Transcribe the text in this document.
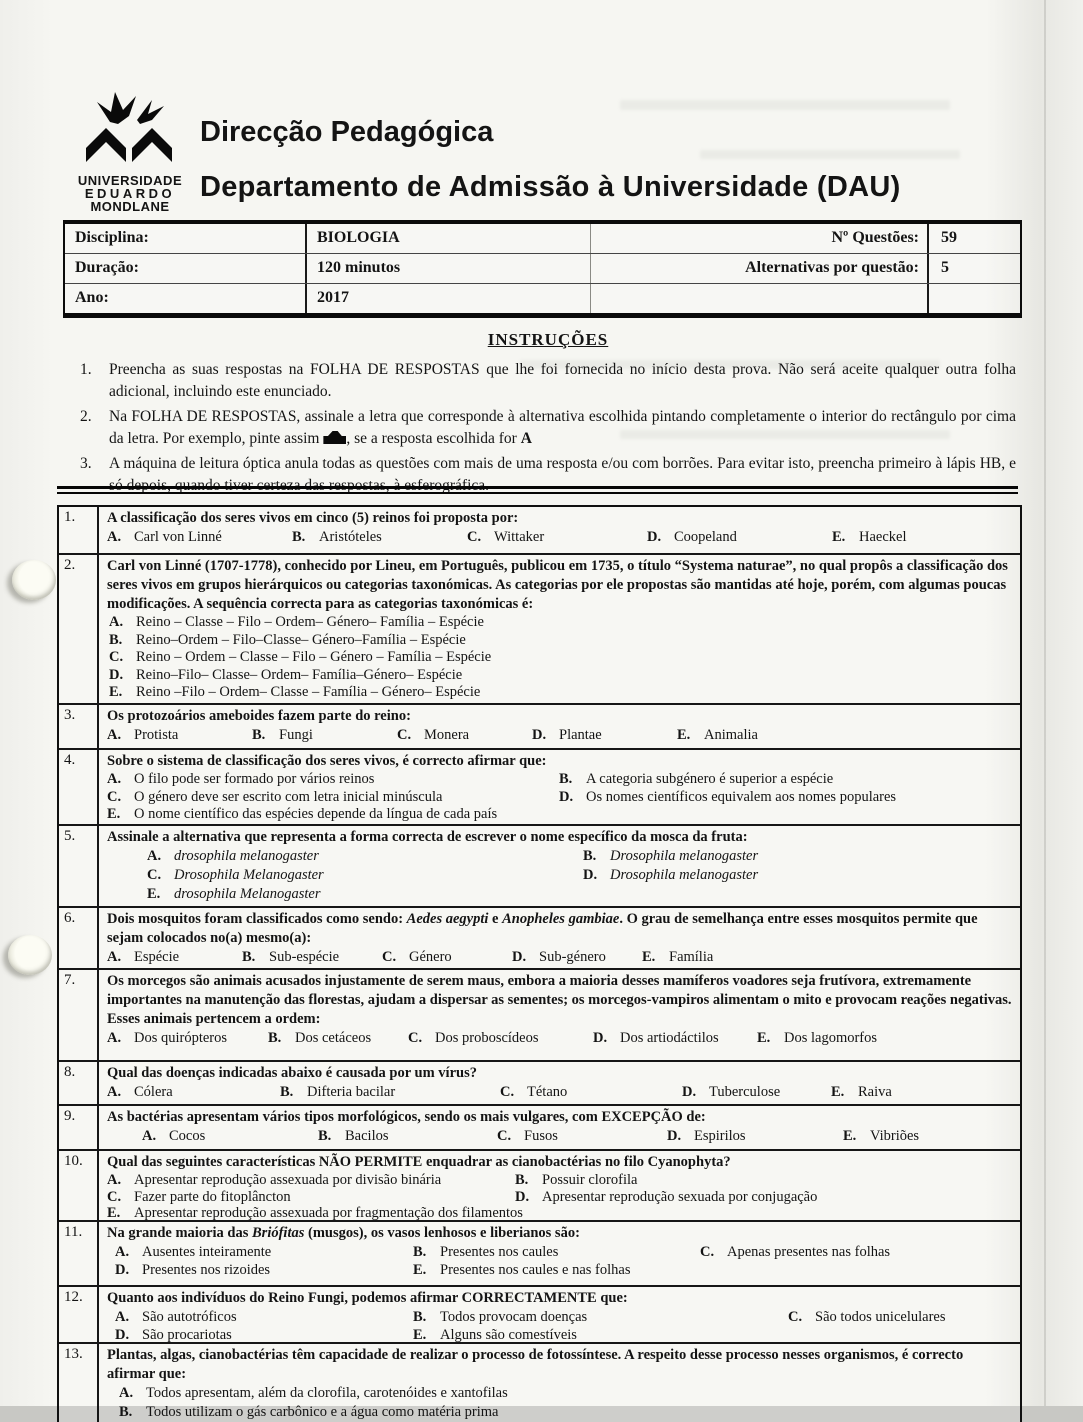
UNIVERSIDADE
EDUARDO
MONDLANE
Direcção Pedagógica
Departamento de Admissão à Universidade (DAU)
Disciplina:	BIOLOGIA	Nº Questões:	59
Duração:	120 minutos	Alternativas por questão:	5
Ano:	2017
INSTRUÇÕES
1.	Preencha as suas respostas na FOLHA DE RESPOSTAS que lhe foi fornecida no início desta prova. Não será aceite qualquer outra folha adicional, incluindo este enunciado.
2.	Na FOLHA DE RESPOSTAS, assinale a letra que corresponde à alternativa escolhida pintando completamente o interior do rectângulo por cima da letra. Por exemplo, pinte assim , se a resposta escolhida for A
3.	A máquina de leitura óptica anula todas as questões com mais de uma resposta e/ou com borrões. Para evitar isto, preencha primeiro à lápis HB, e só depois, quando tiver certeza das respostas, à esferográfica.
1.	A classificação dos seres vivos em cinco (5) reinos foi proposta por:
A. Carl von Linné	B. Aristóteles	C. Wittaker	D. Coopeland	E. Haeckel
2.	Carl von Linné (1707-1778), conhecido por Lineu, em Português, publicou em 1735, o título “Systema naturae”, no qual propôs a classificação dos seres vivos em grupos hierárquicos ou categorias taxonómicas. As categorias por ele propostas são mantidas até hoje, porém, com algumas poucas modificações. A sequência correcta para as categorias taxonómicas é:
A. Reino – Classe – Filo – Ordem– Género– Família – Espécie
B. Reino–Ordem – Filo–Classe– Género–Família – Espécie
C. Reino – Ordem – Classe – Filo – Género – Família – Espécie
D. Reino–Filo– Classe– Ordem– Família–Género– Espécie
E. Reino –Filo – Ordem– Classe – Família – Género– Espécie
3.	Os protozoários ameboides fazem parte do reino:
A. Protista	B. Fungi	C. Monera	D. Plantae	E. Animalia
4.	Sobre o sistema de classificação dos seres vivos, é correcto afirmar que:
A. O filo pode ser formado por vários reinos	B. A categoria subgénero é superior a espécie
C. O género deve ser escrito com letra inicial minúscula	D. Os nomes científicos equivalem aos nomes populares
E. O nome científico das espécies depende da língua de cada país
5.	Assinale a alternativa que representa a forma correcta de escrever o nome específico da mosca da fruta:
A. drosophila melanogaster	B. Drosophila melanogaster
C. Drosophila Melanogaster	D. Drosophila melanogaster
E. drosophila Melanogaster
6.	Dois mosquitos foram classificados como sendo: Aedes aegypti e Anopheles gambiae. O grau de semelhança entre esses mosquitos permite que sejam colocados no(a) mesmo(a):
A. Espécie	B. Sub-espécie	C. Género	D. Sub-género	E. Família
7.	Os morcegos são animais acusados injustamente de serem maus, embora a maioria desses mamíferos voadores seja frutívora, extremamente importantes na manutenção das florestas, ajudam a dispersar as sementes; os morcegos-vampiros alimentam o mito e provocam reações negativas. Esses animais pertencem a ordem:
A. Dos quirópteros	B. Dos cetáceos	C. Dos proboscídeos	D. Dos artiodáctilos	E. Dos lagomorfos
8.	Qual das doenças indicadas abaixo é causada por um vírus?
A. Cólera	B. Difteria bacilar	C. Tétano	D. Tuberculose	E. Raiva
9.	As bactérias apresentam vários tipos morfológicos, sendo os mais vulgares, com EXCEPÇÃO de:
A. Cocos	B. Bacilos	C. Fusos	D. Espirilos	E. Vibriões
10.	Qual das seguintes características NÃO PERMITE enquadrar as cianobactérias no filo Cyanophyta?
A. Apresentar reprodução assexuada por divisão binária	B. Possuir clorofila
C. Fazer parte do fitoplâncton	D. Apresentar reprodução sexuada por conjugação
E. Apresentar reprodução assexuada por fragmentação dos filamentos
11.	Na grande maioria das Briófitas (musgos), os vasos lenhosos e liberianos são:
A. Ausentes inteiramente	B. Presentes nos caules	C. Apenas presentes nas folhas
D. Presentes nos rizoides	E. Presentes nos caules e nas folhas
12.	Quanto aos indivíduos do Reino Fungi, podemos afirmar CORRECTAMENTE que:
A. São autotróficos	B. Todos provocam doenças	C. São todos unicelulares
D. São procariotas	E. Alguns são comestíveis
13.	Plantas, algas, cianobactérias têm capacidade de realizar o processo de fotossíntese. A respeito desse processo nesses organismos, é correcto afirmar que:
A. Todos apresentam, além da clorofila, carotenóides e xantofilas
B. Todos utilizam o gás carbônico e a água como matéria prima
